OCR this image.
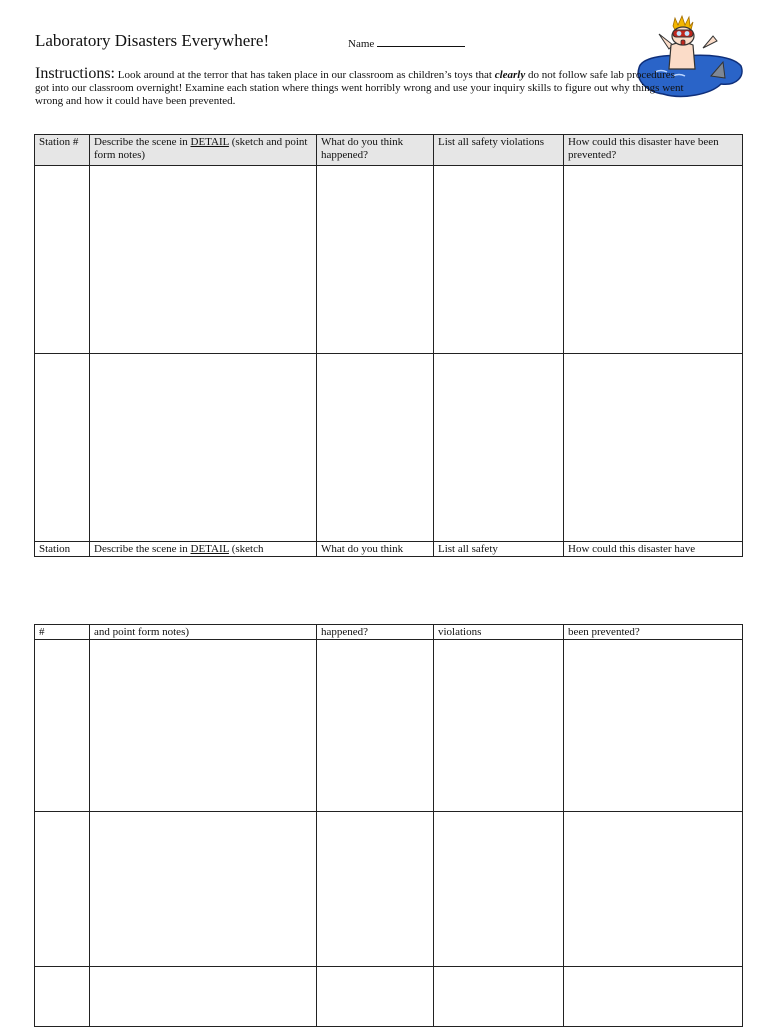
Laboratory Disasters Everywhere!	Name
Instructions: Look around at the terror that has taken place in our classroom as children’s toys that clearly do not follow safe lab procedures got into our classroom overnight! Examine each station where things went horribly wrong and use your inquiry skills to figure out why things went wrong and how it could have been prevented.
Station #	Describe the scene in DETAIL (sketch and point form notes)	What do you think happened?	List all safety violations	How could this disaster have been prevented?

Station	Describe the scene in DETAIL (sketch	What do you think	List all safety	How could this disaster have
#	and point form notes)	happened?	violations	been prevented?
